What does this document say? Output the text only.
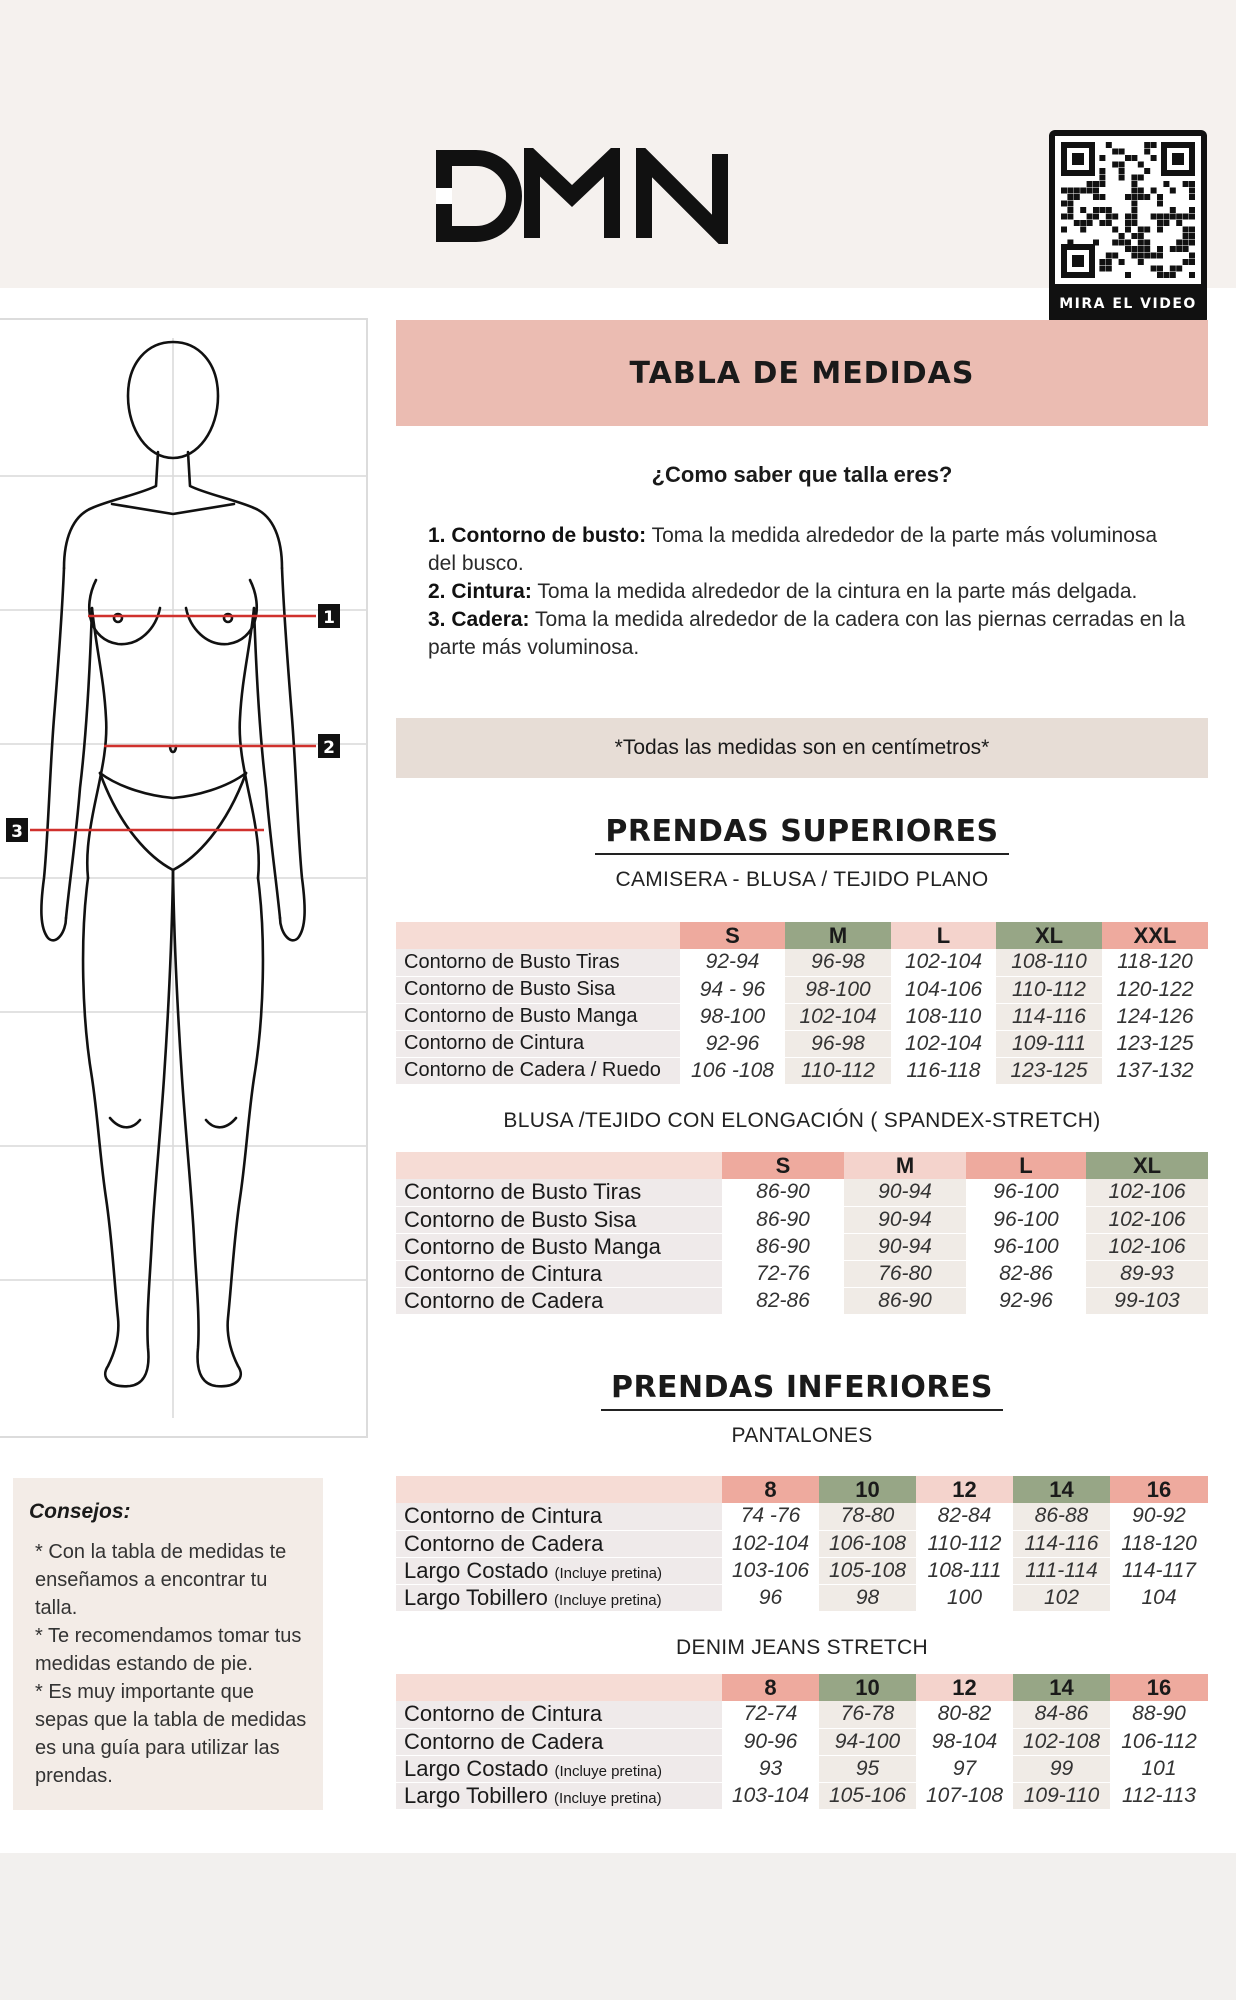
MIRA EL VIDEO
1
2
3
TABLA DE MEDIDAS
¿Como saber que talla eres?
1. Contorno de busto: Toma la medida alrededor de la parte más voluminosa del busco.
2. Cintura: Toma la medida alrededor de la cintura en la parte más delgada.
3. Cadera: Toma la medida alrededor de la cadera con las piernas cerradas en la parte más voluminosa.
*Todas las medidas son en centímetros*
PRENDAS SUPERIORES
CAMISERA - BLUSA / TEJIDO PLANO
	S	M	L	XL	XXL
Contorno de Busto Tiras	92-94	96-98	102-104	108-110	118-120
Contorno de Busto Sisa	94 - 96	98-100	104-106	110-112	120-122
Contorno de Busto Manga	98-100	102-104	108-110	114-116	124-126
Contorno de Cintura	92-96	96-98	102-104	109-111	123-125
Contorno de Cadera / Ruedo	106 -108	110-112	116-118	123-125	137-132
BLUSA /TEJIDO CON ELONGACIÓN ( SPANDEX-STRETCH)
	S	M	L	XL
Contorno de Busto Tiras	86-90	90-94	96-100	102-106
Contorno de Busto Sisa	86-90	90-94	96-100	102-106
Contorno de Busto Manga	86-90	90-94	96-100	102-106
Contorno de Cintura	72-76	76-80	82-86	89-93
Contorno de Cadera	82-86	86-90	92-96	99-103
PRENDAS INFERIORES
PANTALONES
	8	10	12	14	16
Contorno de Cintura	74 -76	78-80	82-84	86-88	90-92
Contorno de Cadera	102-104	106-108	110-112	114-116	118-120
Largo Costado (Incluye pretina)	103-106	105-108	108-111	111-114	114-117
Largo Tobillero (Incluye pretina)	96	98	100	102	104
DENIM JEANS STRETCH
	8	10	12	14	16
Contorno de Cintura	72-74	76-78	80-82	84-86	88-90
Contorno de Cadera	90-96	94-100	98-104	102-108	106-112
Largo Costado (Incluye pretina)	93	95	97	99	101
Largo Tobillero (Incluye pretina)	103-104	105-106	107-108	109-110	112-113
Consejos:

* Con la tabla de medidas te enseñamos a encontrar tu talla.

* Te recomendamos tomar tus medidas estando de pie.

* Es muy importante que sepas que la tabla de medidas es una guía para utilizar las prendas.
